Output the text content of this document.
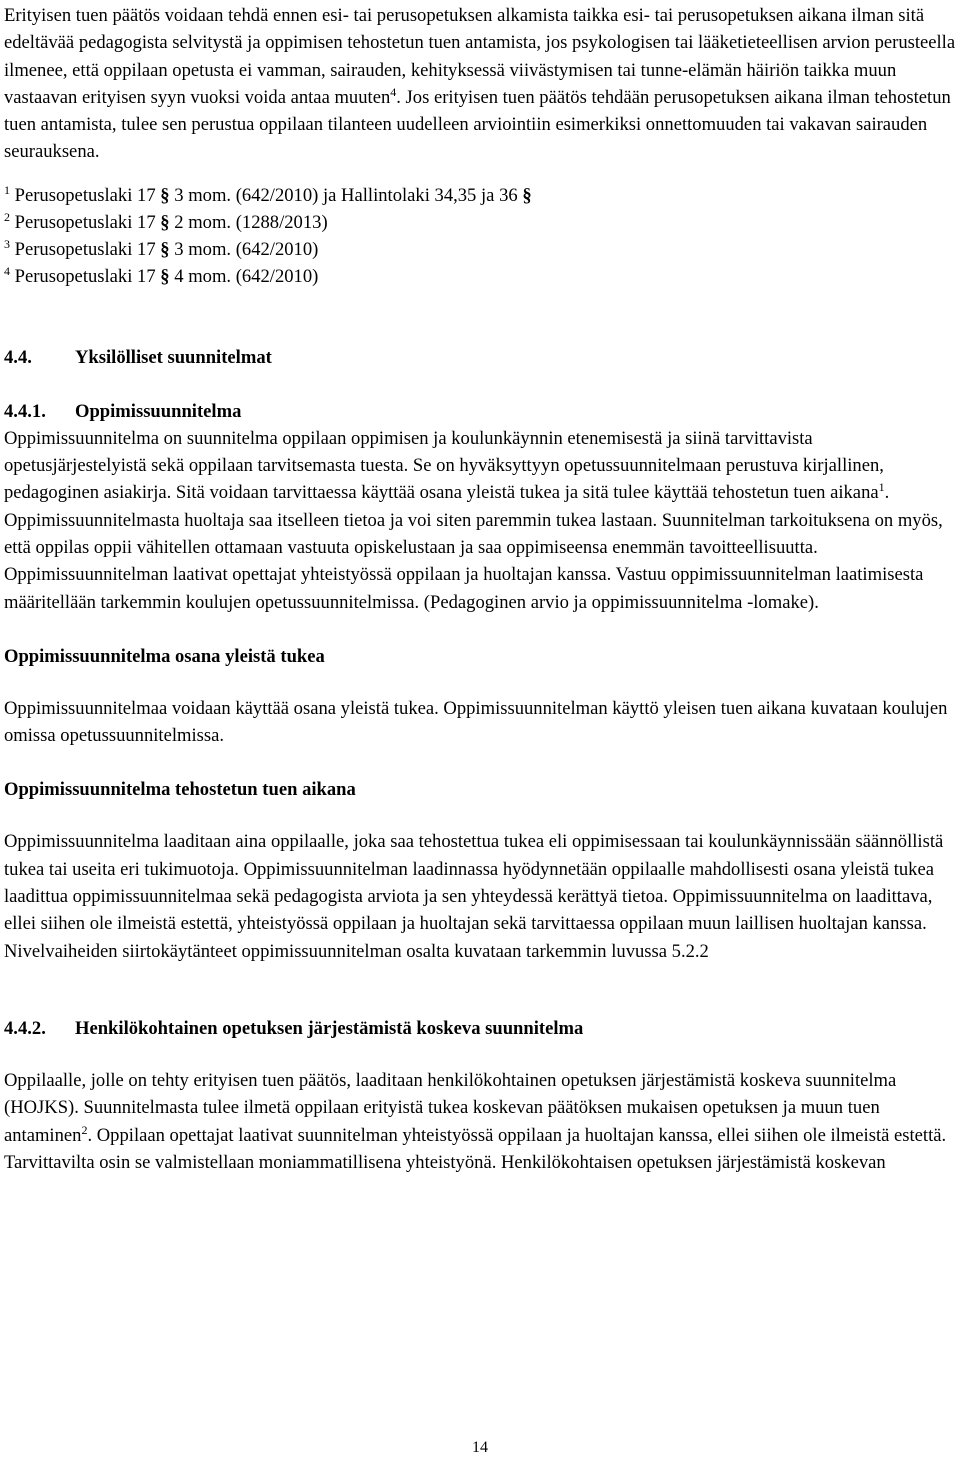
Erityisen tuen päätös voidaan tehdä ennen esi- tai perusopetuksen alkamista taikka esi- tai perusopetuksen aikana ilman sitä edeltävää pedagogista selvitystä ja oppimisen tehostetun tuen antamista, jos psykologisen tai lääketieteellisen arvion perusteella ilmenee, että oppilaan opetusta ei vamman, sairauden, kehityksessä viivästymisen tai tunne-elämän häiriön taikka muun vastaavan erityisen syyn vuoksi voida antaa muuten$^4$. Jos erityisen tuen päätös tehdään perusopetuksen aikana ilman tehostetun tuen antamista, tulee sen perustua oppilaan tilanteen uudelleen arviointiin esimerkiksi onnettomuuden tai vakavan sairauden seurauksena.

$^1$ Perusopetuslaki 17 § 3 mom. (642/2010) ja Hallintolaki 34,35 ja 36 §

$^2$ Perusopetuslaki 17 § 2 mom. (1288/2013)

$^3$ Perusopetuslaki 17 § 3 mom. (642/2010)

$^4$ Perusopetuslaki 17 § 4 mom. (642/2010)

4.4. Yksilölliset suunnitelmat

4.4.1. Oppimissuunnitelma

Oppimissuunnitelma on suunnitelma oppilaan oppimisen ja koulunkäynnin etenemisestä ja siinä tarvittavista opetusjärjestelyistä sekä oppilaan tarvitsemasta tuesta. Se on hyväksyttyyn opetussuunnitelmaan perustuva kirjallinen, pedagoginen asiakirja. Sitä voidaan tarvittaessa käyttää osana yleistä tukea ja sitä tulee käyttää tehostetun tuen aikana$^1$. Oppimissuunnitelmasta huoltaja saa itselleen tietoa ja voi siten paremmin tukea lastaan. Suunnitelman tarkoituksena on myös, että oppilas oppii vähitellen ottamaan vastuuta opiskelustaan ja saa oppimiseensa enemmän tavoitteellisuutta. Oppimissuunnitelman laativat opettajat yhteistyössä oppilaan ja huoltajan kanssa. Vastuu oppimissuunnitelman laatimisesta määritellään tarkemmin koulujen opetussuunnitelmissa. (Pedagoginen arvio ja oppimissuunnitelma -lomake).

Oppimissuunnitelma osana yleistä tukea

Oppimissuunnitelmaa voidaan käyttää osana yleistä tukea. Oppimissuunnitelman käyttö yleisen tuen aikana kuvataan koulujen omissa opetussuunnitelmissa.

Oppimissuunnitelma tehostetun tuen aikana

Oppimissuunnitelma laaditaan aina oppilaalle, joka saa tehostettua tukea eli oppimisessaan tai koulunkäynnissään säännöllistä tukea tai useita eri tukimuotoja. Oppimissuunnitelman laadinnassa hyödynnetään oppilaalle mahdollisesti osana yleistä tukea laadittua oppimissuunnitelmaa sekä pedagogista arviota ja sen yhteydessä kerättyä tietoa. Oppimissuunnitelma on laadittava, ellei siihen ole ilmeistä estettä, yhteistyössä oppilaan ja huoltajan sekä tarvittaessa oppilaan muun laillisen huoltajan kanssa. Nivelvaiheiden siirtokäytänteet oppimissuunnitelman osalta kuvataan tarkemmin luvussa 5.2.2

4.4.2. Henkilökohtainen opetuksen järjestämistä koskeva suunnitelma

Oppilaalle, jolle on tehty erityisen tuen päätös, laaditaan henkilökohtainen opetuksen järjestämistä koskeva suunnitelma (HOJKS). Suunnitelmasta tulee ilmetä oppilaan erityistä tukea koskevan päätöksen mukaisen opetuksen ja muun tuen antaminen$^2$. Oppilaan opettajat laativat suunnitelman yhteistyössä oppilaan ja huoltajan kanssa, ellei siihen ole ilmeistä estettä. Tarvittavilta osin se valmistellaan moniammatillisena yhteistyönä. Henkilökohtaisen opetuksen järjestämistä koskevan

14
